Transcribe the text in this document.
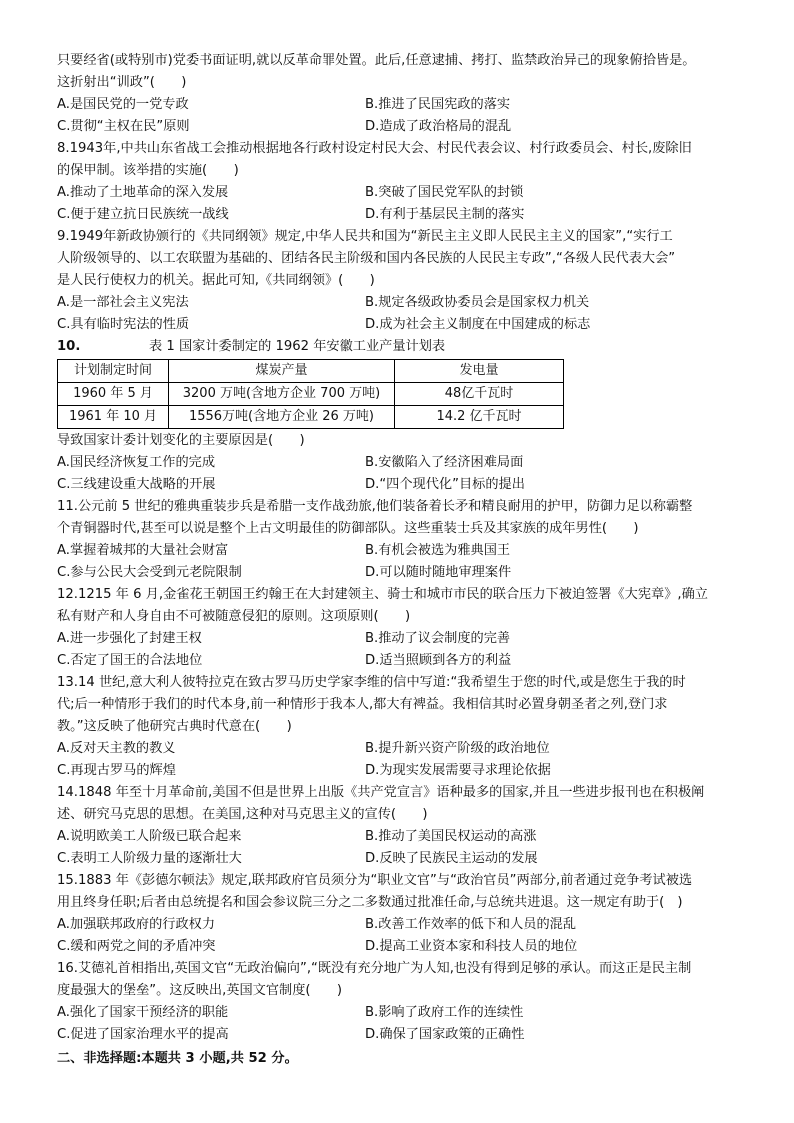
只要经省(或特别市)党委书面证明,就以反革命罪处置。此后,任意逮捕、拷打、监禁政治异己的现象俯拾皆是。

这折射出“训政”(　　)

A.是国民党的一党专政	B.推进了民国宪政的落实
C.贯彻“主权在民”原则	D.造成了政治格局的混乱

8.1943年,中共山东省战工会推动根据地各行政村设定村民大会、村民代表会议、村行政委员会、村长,废除旧

的保甲制。该举措的实施(　　)

A.推动了土地革命的深入发展	B.突破了国民党军队的封锁
C.便于建立抗日民族统一战线	D.有利于基层民主制的落实

9.1949年新政协颁行的《共同纲领》规定,中华人民共和国为“新民主主义即人民民主主义的国家”,“实行工

人阶级领导的、以工农联盟为基础的、团结各民主阶级和国内各民族的人民民主专政”,“各级人民代表大会”

是人民行使权力的机关。据此可知,《共同纲领》(　　)

A.是一部社会主义宪法	B.规定各级政协委员会是国家权力机关
C.具有临时宪法的性质	D.成为社会主义制度在中国建成的标志
10.	表 1 国家计委制定的 1962 年安徽工业产量计划表
计划制定时间	煤炭产量	发电量
1960 年 5 月	3200 万吨(含地方企业 700 万吨)	48亿千瓦时
1961 年 10 月	1556万吨(含地方企业 26 万吨)	14.2 亿千瓦时

导致国家计委计划变化的主要原因是(　　)

A.国民经济恢复工作的完成	B.安徽陷入了经济困难局面
C.三线建设重大战略的开展	D.“四个现代化”目标的提出

11.公元前 5 世纪的雅典重装步兵是希腊一支作战劲旅,他们装备着长矛和精良耐用的护甲，防御力足以称霸整

个青铜器时代,甚至可以说是整个上古文明最佳的防御部队。这些重装士兵及其家族的成年男性(　　)

A.掌握着城邦的大量社会财富	B.有机会被选为雅典国王
C.参与公民大会受到元老院限制	D.可以随时随地审理案件

12.1215 年 6 月,金雀花王朝国王约翰王在大封建领主、骑士和城市市民的联合压力下被迫签署《大宪章》,确立

私有财产和人身自由不可被随意侵犯的原则。这项原则(　　)

A.进一步强化了封建王权	B.推动了议会制度的完善
C.否定了国王的合法地位	D.适当照顾到各方的利益

13.14 世纪,意大利人彼特拉克在致古罗马历史学家李维的信中写道:“我希望生于您的时代,或是您生于我的时

代;后一种情形于我们的时代本身,前一种情形于我本人,都大有裨益。我相信其时必置身朝圣者之列,登门求

教。”这反映了他研究古典时代意在(　　)

A.反对天主教的教义	B.提升新兴资产阶级的政治地位
C.再现古罗马的辉煌	D.为现实发展需要寻求理论依据

14.1848 年至十月革命前,美国不但是世界上出版《共产党宣言》语种最多的国家,并且一些进步报刊也在积极阐

述、研究马克思的思想。在美国,这种对马克思主义的宣传(　　)

A.说明欧美工人阶级已联合起来	B.推动了美国民权运动的高涨
C.表明工人阶级力量的逐渐壮大	D.反映了民族民主运动的发展

15.1883 年《彭德尔顿法》规定,联邦政府官员须分为“职业文官”与“政治官员”两部分,前者通过竞争考试被选

用且终身任职;后者由总统提名和国会参议院三分之二多数通过批准任命,与总统共进退。这一规定有助于(　)

A.加强联邦政府的行政权力	B.改善工作效率的低下和人员的混乱
C.缓和两党之间的矛盾冲突	D.提高工业资本家和科技人员的地位

16.艾德礼首相指出,英国文官“无政治偏向”,“既没有充分地广为人知,也没有得到足够的承认。而这正是民主制

度最强大的堡垒”。这反映出,英国文官制度(　　)

A.强化了国家干预经济的职能	B.影响了政府工作的连续性
C.促进了国家治理水平的提高	D.确保了国家政策的正确性

二、非选择题:本题共 3 小题,共 52 分。
